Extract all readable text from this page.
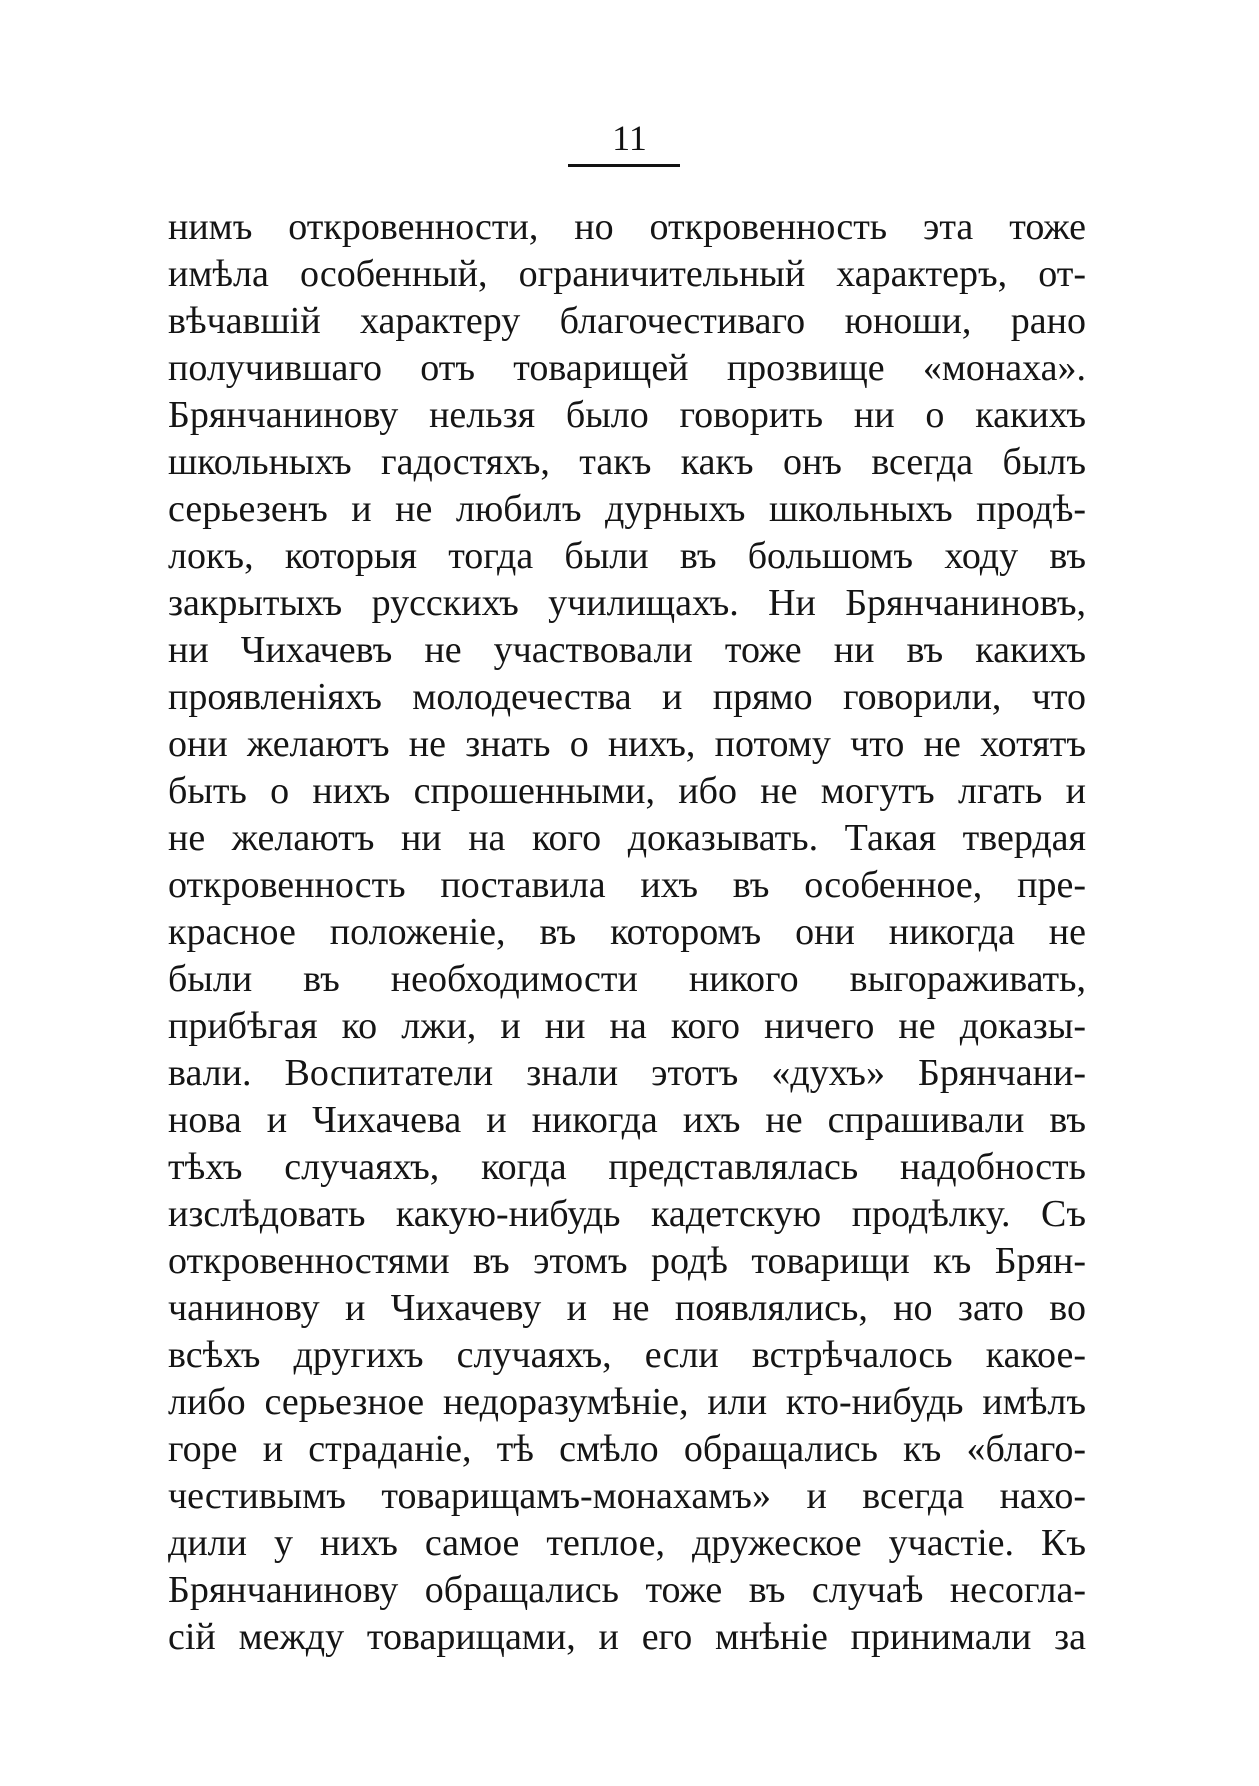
11
нимъ откровенности, но откровенность эта тоже
имѣла особенный, ограничительный характеръ, от-
вѣчавшій характеру благочестиваго юноши, рано
получившаго отъ товарищей прозвище «монаха».
Брянчанинову нельзя было говорить ни о какихъ
школьныхъ гадостяхъ, такъ какъ онъ всегда былъ
серьезенъ и не любилъ дурныхъ школьныхъ продѣ-
локъ, которыя тогда были въ большомъ ходу въ
закрытыхъ русскихъ училищахъ. Ни Брянчаниновъ,
ни Чихачевъ не участвовали тоже ни въ какихъ
проявленіяхъ молодечества и прямо говорили, что
они желаютъ не знать о нихъ, потому что не хотятъ
быть о нихъ спрошенными, ибо не могутъ лгать и
не желаютъ ни на кого доказывать. Такая твердая
откровенность поставила ихъ въ особенное, пре-
красное положеніе, въ которомъ они никогда не
были въ необходимости никого выгораживать,
прибѣгая ко лжи, и ни на кого ничего не доказы-
вали. Воспитатели знали этотъ «духъ» Брянчани-
нова и Чихачева и никогда ихъ не спрашивали въ
тѣхъ случаяхъ, когда представлялась надобность
изслѣдовать какую-нибудь кадетскую продѣлку. Съ
откровенностями въ этомъ родѣ товарищи къ Брян-
чанинову и Чихачеву и не появлялись, но зато во
всѣхъ другихъ случаяхъ, если встрѣчалось какое-
либо серьезное недоразумѣніе, или кто-нибудь имѣлъ
горе и страданіе, тѣ смѣло обращались къ «благо-
честивымъ товарищамъ-монахамъ» и всегда нахо-
дили у нихъ самое теплое, дружеское участіе. Къ
Брянчанинову обращались тоже въ случаѣ несогла-
сій между товарищами, и его мнѣніе принимали за
